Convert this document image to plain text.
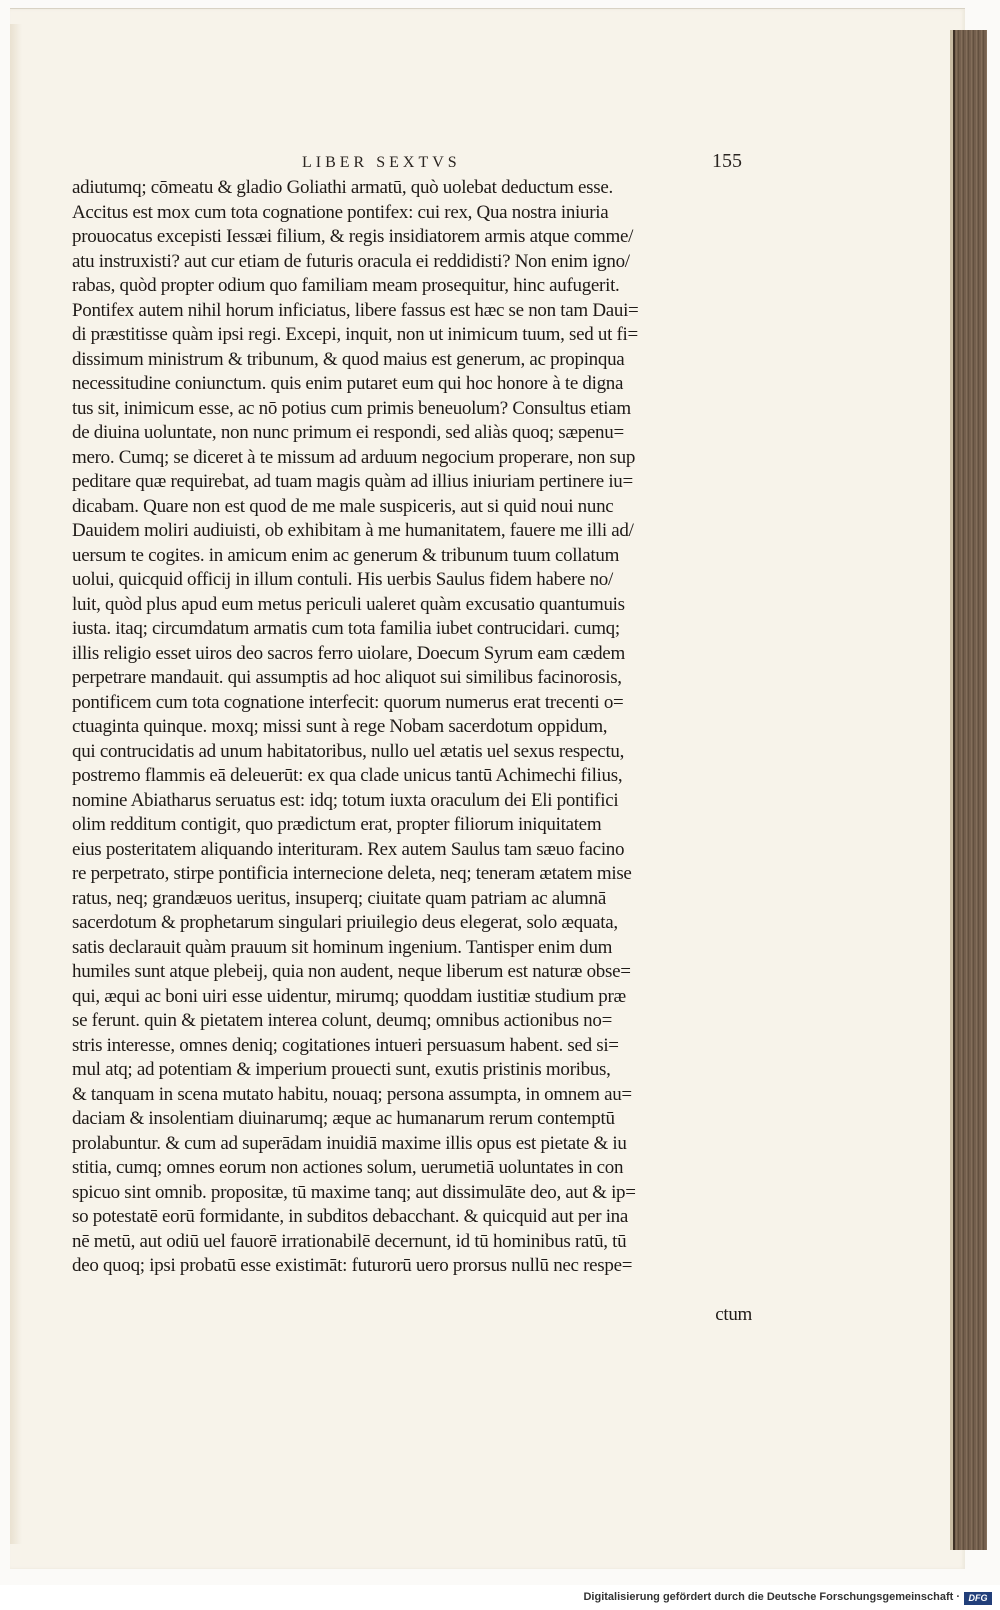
LIBER SEXTVS	155
adiutumq; cōmeatu & gladio Goliathi armatū, quò uolebat deductum esse.
Accitus est mox cum tota cognatione pontifex: cui rex, Qua nostra iniuria
prouocatus excepisti Iessæi filium, & regis insidiatorem armis atque comme/
atu instruxisti? aut cur etiam de futuris oracula ei reddidisti? Non enim igno/
rabas, quòd propter odium quo familiam meam prosequitur, hinc aufugerit.
Pontifex autem nihil horum inficiatus, libere fassus est hæc se non tam Daui=
di præstitisse quàm ipsi regi. Excepi, inquit, non ut inimicum tuum, sed ut fi=
dissimum ministrum & tribunum, & quod maius est generum, ac propinqua
necessitudine coniunctum. quis enim putaret eum qui hoc honore à te digna
tus sit, inimicum esse, ac nō potius cum primis beneuolum? Consultus etiam
de diuina uoluntate, non nunc primum ei respondi, sed aliàs quoq; sæpenu=
mero. Cumq; se diceret à te missum ad arduum negocium properare, non sup
peditare quæ requirebat, ad tuam magis quàm ad illius iniuriam pertinere iu=
dicabam. Quare non est quod de me male suspiceris, aut si quid noui nunc
Dauidem moliri audiuisti, ob exhibitam à me humanitatem, fauere me illi ad/
uersum te cogites. in amicum enim ac generum & tribunum tuum collatum
uolui, quicquid officij in illum contuli. His uerbis Saulus fidem habere no/
luit, quòd plus apud eum metus periculi ualeret quàm excusatio quantumuis
iusta. itaq; circumdatum armatis cum tota familia iubet contrucidari. cumq;
illis religio esset uiros deo sacros ferro uiolare, Doecum Syrum eam cædem
perpetrare mandauit. qui assumptis ad hoc aliquot sui similibus facinorosis,
pontificem cum tota cognatione interfecit: quorum numerus erat trecenti o=
ctuaginta quinque. moxq; missi sunt à rege Nobam sacerdotum oppidum,
qui contrucidatis ad unum habitatoribus, nullo uel ætatis uel sexus respectu,
postremo flammis eā deleuerūt: ex qua clade unicus tantū Achimechi filius,
nomine Abiatharus seruatus est: idq; totum iuxta oraculum dei Eli pontifici
olim redditum contigit, quo prædictum erat, propter filiorum iniquitatem
eius posteritatem aliquando interituram. Rex autem Saulus tam sæuo facino
re perpetrato, stirpe pontificia internecione deleta, neq; teneram ætatem mise
ratus, neq; grandæuos ueritus, insuperq; ciuitate quam patriam ac alumnā
sacerdotum & prophetarum singulari priuilegio deus elegerat, solo æquata,
satis declarauit quàm prauum sit hominum ingenium. Tantisper enim dum
humiles sunt atque plebeij, quia non audent, neque liberum est naturæ obse=
qui, æqui ac boni uiri esse uidentur, mirumq; quoddam iustitiæ studium præ
se ferunt. quin & pietatem interea colunt, deumq; omnibus actionibus no=
stris interesse, omnes deniq; cogitationes intueri persuasum habent. sed si=
mul atq; ad potentiam & imperium prouecti sunt, exutis pristinis moribus,
& tanquam in scena mutato habitu, nouaq; persona assumpta, in omnem au=
daciam & insolentiam diuinarumq; æque ac humanarum rerum contemptū
prolabuntur. & cum ad superādam inuidiā maxime illis opus est pietate & iu
stitia, cumq; omnes eorum non actiones solum, uerumetiā uoluntates in con
spicuo sint omnib. propositæ, tū maxime tanq; aut dissimulāte deo, aut & ip=
so potestatē eorū formidante, in subditos debacchant. & quicquid aut per ina
nē metū, aut odiū uel fauorē irrationabilē decernunt, id tū hominibus ratū, tū
deo quoq; ipsi probatū esse existimāt: futurorū uero prorsus nullū nec respe=
ctum
Digitalisierung gefördert durch die Deutsche Forschungsgemeinschaft · DFG
